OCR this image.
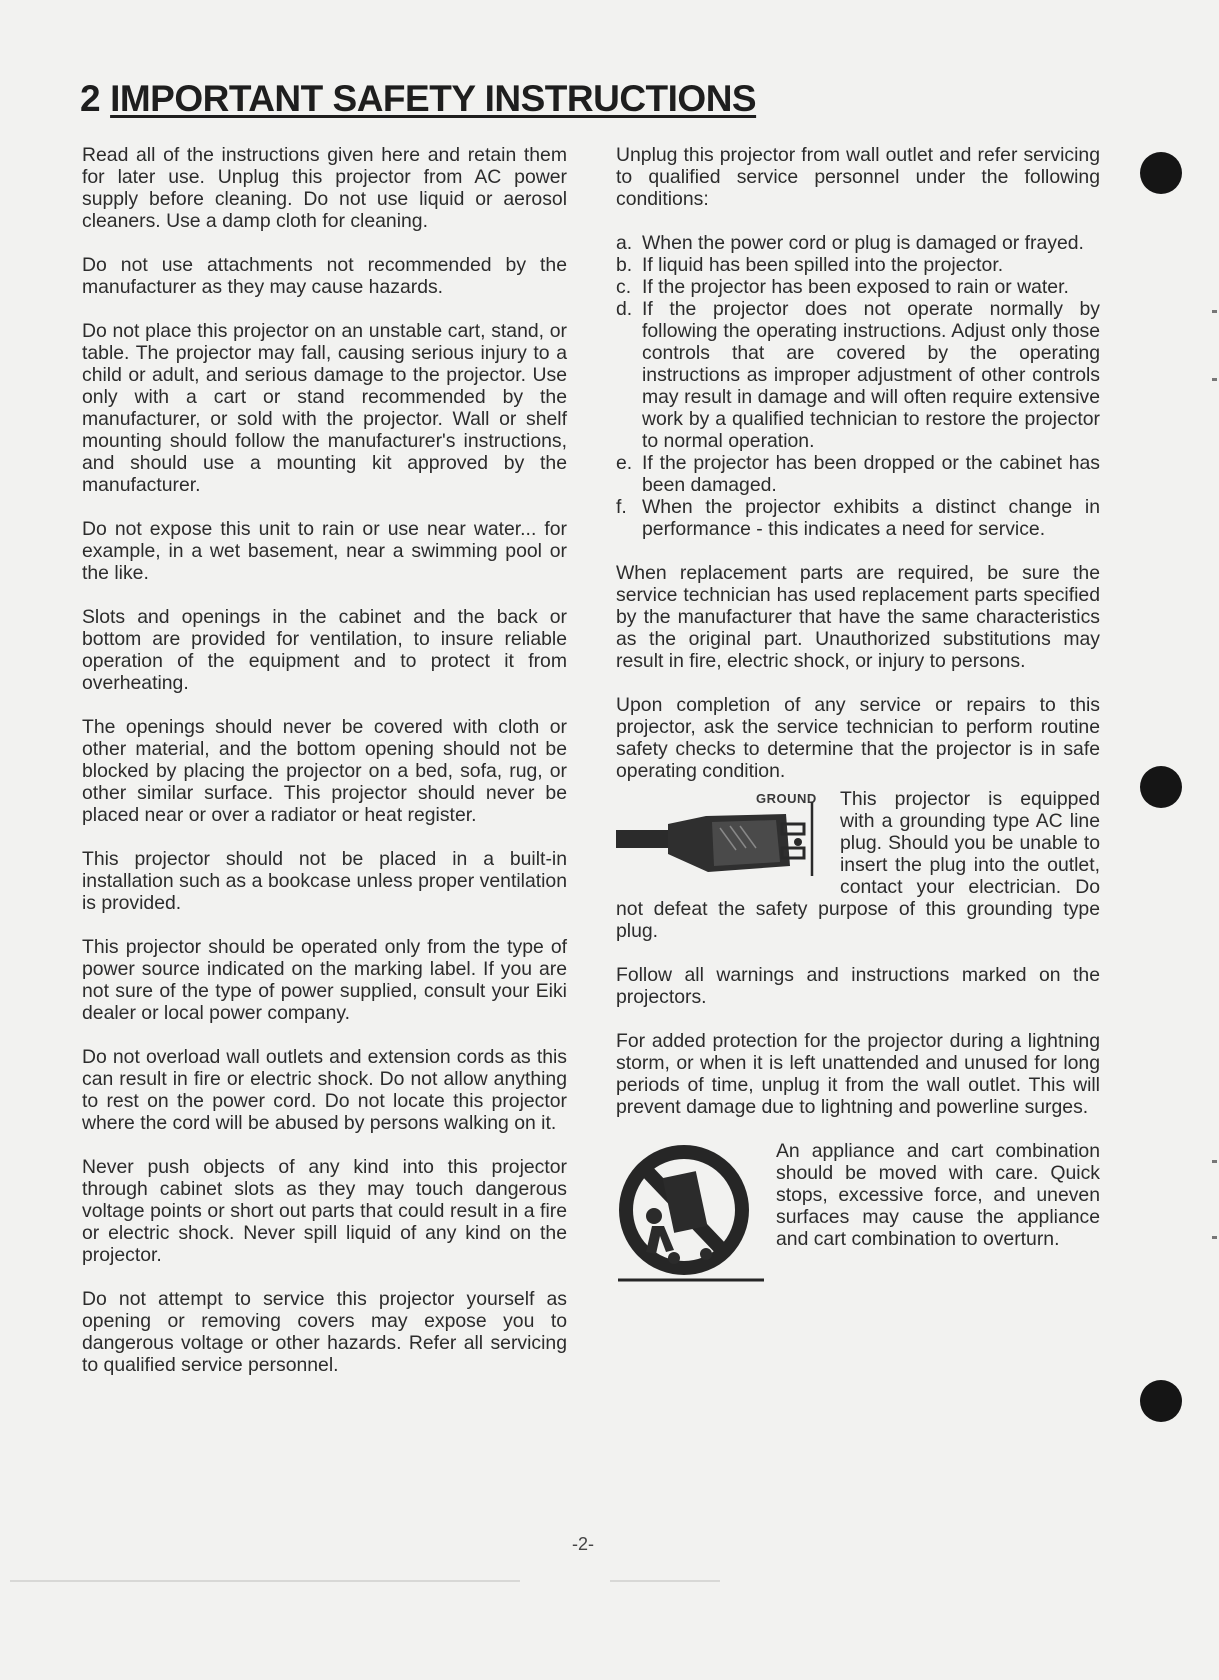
2 IMPORTANT SAFETY INSTRUCTIONS

Read all of the instructions given here and retain them for later use. Unplug this projector from AC power supply before cleaning. Do not use liquid or aerosol cleaners. Use a damp cloth for cleaning.

Do not use attachments not recommended by the manufacturer as they may cause hazards.

Do not place this projector on an unstable cart, stand, or table. The projector may fall, causing serious injury to a child or adult, and serious damage to the projector. Use only with a cart or stand recommended by the manufacturer, or sold with the projector. Wall or shelf mounting should follow the manufacturer's instructions, and should use a mounting kit approved by the manufacturer.

Do not expose this unit to rain or use near water... for example, in a wet basement, near a swimming pool or the like.

Slots and openings in the cabinet and the back or bottom are provided for ventilation, to insure reliable operation of the equipment and to protect it from overheating.

The openings should never be covered with cloth or other material, and the bottom opening should not be blocked by placing the projector on a bed, sofa, rug, or other similar surface. This projector should never be placed near or over a radiator or heat register.

This projector should not be placed in a built-in installation such as a bookcase unless proper ventilation is provided.

This projector should be operated only from the type of power source indicated on the marking label. If you are not sure of the type of power supplied, consult your Eiki dealer or local power company.

Do not overload wall outlets and extension cords as this can result in fire or electric shock. Do not allow anything to rest on the power cord. Do not locate this projector where the cord will be abused by persons walking on it.

Never push objects of any kind into this projector through cabinet slots as they may touch dangerous voltage points or short out parts that could result in a fire or electric shock. Never spill liquid of any kind on the projector.

Do not attempt to service this projector yourself as opening or removing covers may expose you to dangerous voltage or other hazards. Refer all servicing to qualified service personnel.

Unplug this projector from wall outlet and refer servicing to qualified service personnel under the following conditions:

a. When the power cord or plug is damaged or frayed.
b. If liquid has been spilled into the projector.
c. If the projector has been exposed to rain or water.
d. If the projector does not operate normally by following the operating instructions. Adjust only those controls that are covered by the operating instructions as improper adjustment of other controls may result in damage and will often require extensive work by a qualified technician to restore the projector to normal operation.
e. If the projector has been dropped or the cabinet has been damaged.
f. When the projector exhibits a distinct change in performance - this indicates a need for service.

When replacement parts are required, be sure the service technician has used replacement parts specified by the manufacturer that have the same characteristics as the original part. Unauthorized substitutions may result in fire, electric shock, or injury to persons.

Upon completion of any service or repairs to this projector, ask the service technician to perform routine safety checks to determine that the projector is in safe operating condition.

GROUND This projector is equipped with a grounding type AC line plug. Should you be unable to insert the plug into the outlet, contact your electrician. Do not defeat the safety purpose of this grounding type plug.

Follow all warnings and instructions marked on the projectors.

For added protection for the projector during a lightning storm, or when it is left unattended and unused for long periods of time, unplug it from the wall outlet. This will prevent damage due to lightning and powerline surges.

An appliance and cart combination should be moved with care. Quick stops, excessive force, and uneven surfaces may cause the appliance and cart combination to overturn.
-2-
